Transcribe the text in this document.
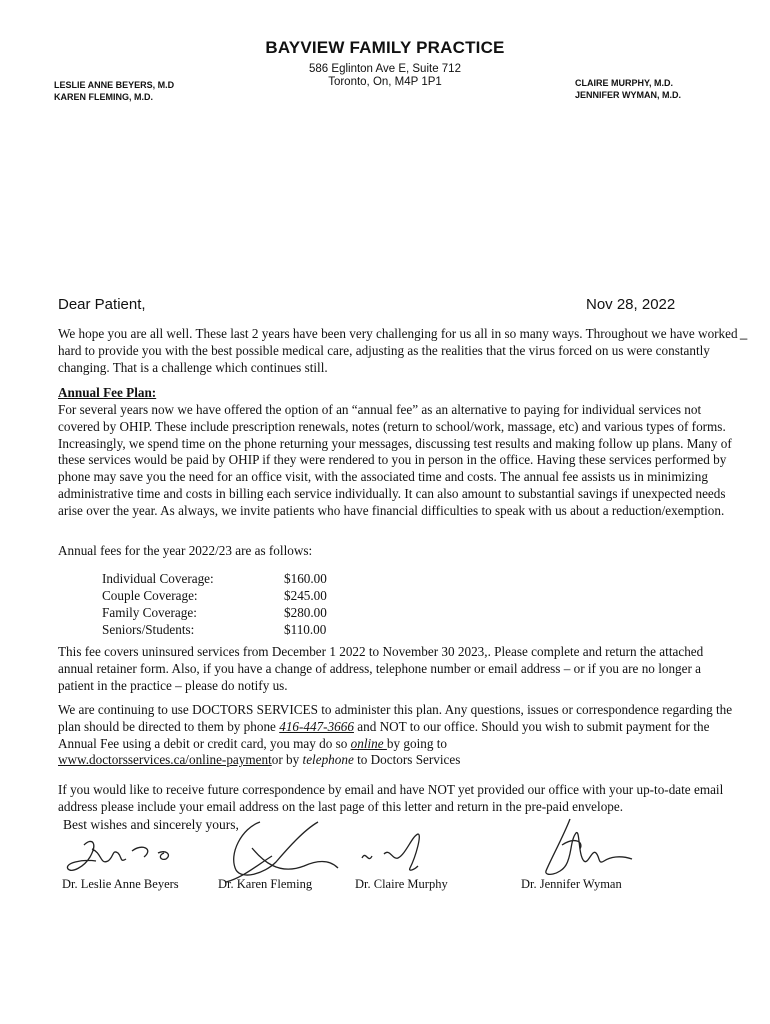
BAYVIEW FAMILY PRACTICE
586 Eglinton Ave E, Suite 712
Toronto, On, M4P 1P1
LESLIE ANNE BEYERS, M.D
KAREN FLEMING, M.D.
CLAIRE MURPHY, M.D.
JENNIFER WYMAN, M.D.
Dear Patient,	Nov 28, 2022
_

We hope you are all well. These last 2 years have been very challenging for us all in so many ways. Throughout we have worked hard to provide you with the best possible medical care, adjusting as the realities that the virus forced on us were constantly changing. That is a challenge which continues still.

Annual Fee Plan:

For several years now we have offered the option of an “annual fee” as an alternative to paying for individual services not covered by OHIP. These include prescription renewals, notes (return to school/work, massage, etc) and various types of forms. Increasingly, we spend time on the phone returning your messages, discussing test results and making follow up plans. Many of these services would be paid by OHIP if they were rendered to you in person in the office. Having these services performed by phone may save you the need for an office visit, with the associated time and costs. The annual fee assists us in minimizing administrative time and costs in billing each service individually. It can also amount to substantial savings if unexpected needs arise over the year. As always, we invite patients who have financial difficulties to speak with us about a reduction/exemption.

Annual fees for the year 2022/23 are as follows:
Individual Coverage:	$160.00
Couple Coverage:	$245.00
Family Coverage:	$280.00
Seniors/Students:	$110.00

This fee covers uninsured services from December 1 2022 to November 30 2023,. Please complete and return the attached annual retainer form. Also, if you have a change of address, telephone number or email address – or if you are no longer a patient in the practice – please do notify us.

We are continuing to use DOCTORS SERVICES to administer this plan. Any questions, issues or correspondence regarding the plan should be directed to them by phone 416-447-3666 and NOT to our office. Should you wish to submit payment for the Annual Fee using a debit or credit card, you may do so online by going to
www.doctorsservices.ca/online-paymentor by telephone to Doctors Services

If you would like to receive future correspondence by email and have NOT yet provided our office with your up-to-date email address please include your email address on the last page of this letter and return in the pre-paid envelope.

Best wishes and sincerely yours,
Dr. Leslie Anne Beyers	Dr. Karen Fleming	Dr. Claire Murphy	Dr. Jennifer Wyman
